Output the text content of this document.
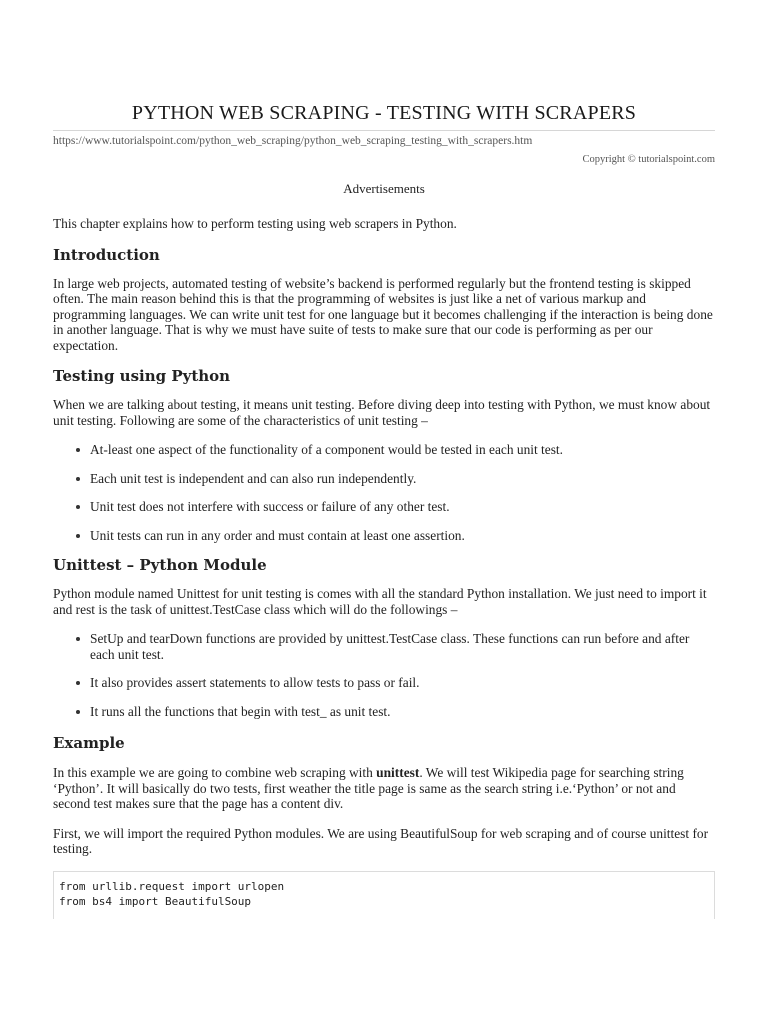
PYTHON WEB SCRAPING - TESTING WITH SCRAPERS
https://www.tutorialspoint.com/python_web_scraping/python_web_scraping_testing_with_scrapers.htm
Copyright © tutorialspoint.com
Advertisements

This chapter explains how to perform testing using web scrapers in Python.

Introduction

In large web projects, automated testing of website’s backend is performed regularly but the frontend testing is skipped often. The main reason behind this is that the programming of websites is just like a net of various markup and programming languages. We can write unit test for one language but it becomes challenging if the interaction is being done in another language. That is why we must have suite of tests to make sure that our code is performing as per our expectation.

Testing using Python

When we are talking about testing, it means unit testing. Before diving deep into testing with Python, we must know about unit testing. Following are some of the characteristics of unit testing –

At-least one aspect of the functionality of a component would be tested in each unit test.
Each unit test is independent and can also run independently.
Unit test does not interfere with success or failure of any other test.
Unit tests can run in any order and must contain at least one assertion.
Unittest – Python Module

Python module named Unittest for unit testing is comes with all the standard Python installation. We just need to import it and rest is the task of unittest.TestCase class which will do the followings –

SetUp and tearDown functions are provided by unittest.TestCase class. These functions can run before and after each unit test.
It also provides assert statements to allow tests to pass or fail.
It runs all the functions that begin with test_ as unit test.
Example

In this example we are going to combine web scraping with unittest. We will test Wikipedia page for searching string ‘Python’. It will basically do two tests, first weather the title page is same as the search string i.e.‘Python’ or not and second test makes sure that the page has a content div.

First, we will import the required Python modules. We are using BeautifulSoup for web scraping and of course unittest for testing.

from urllib.request import urlopen
from bs4 import BeautifulSoup
